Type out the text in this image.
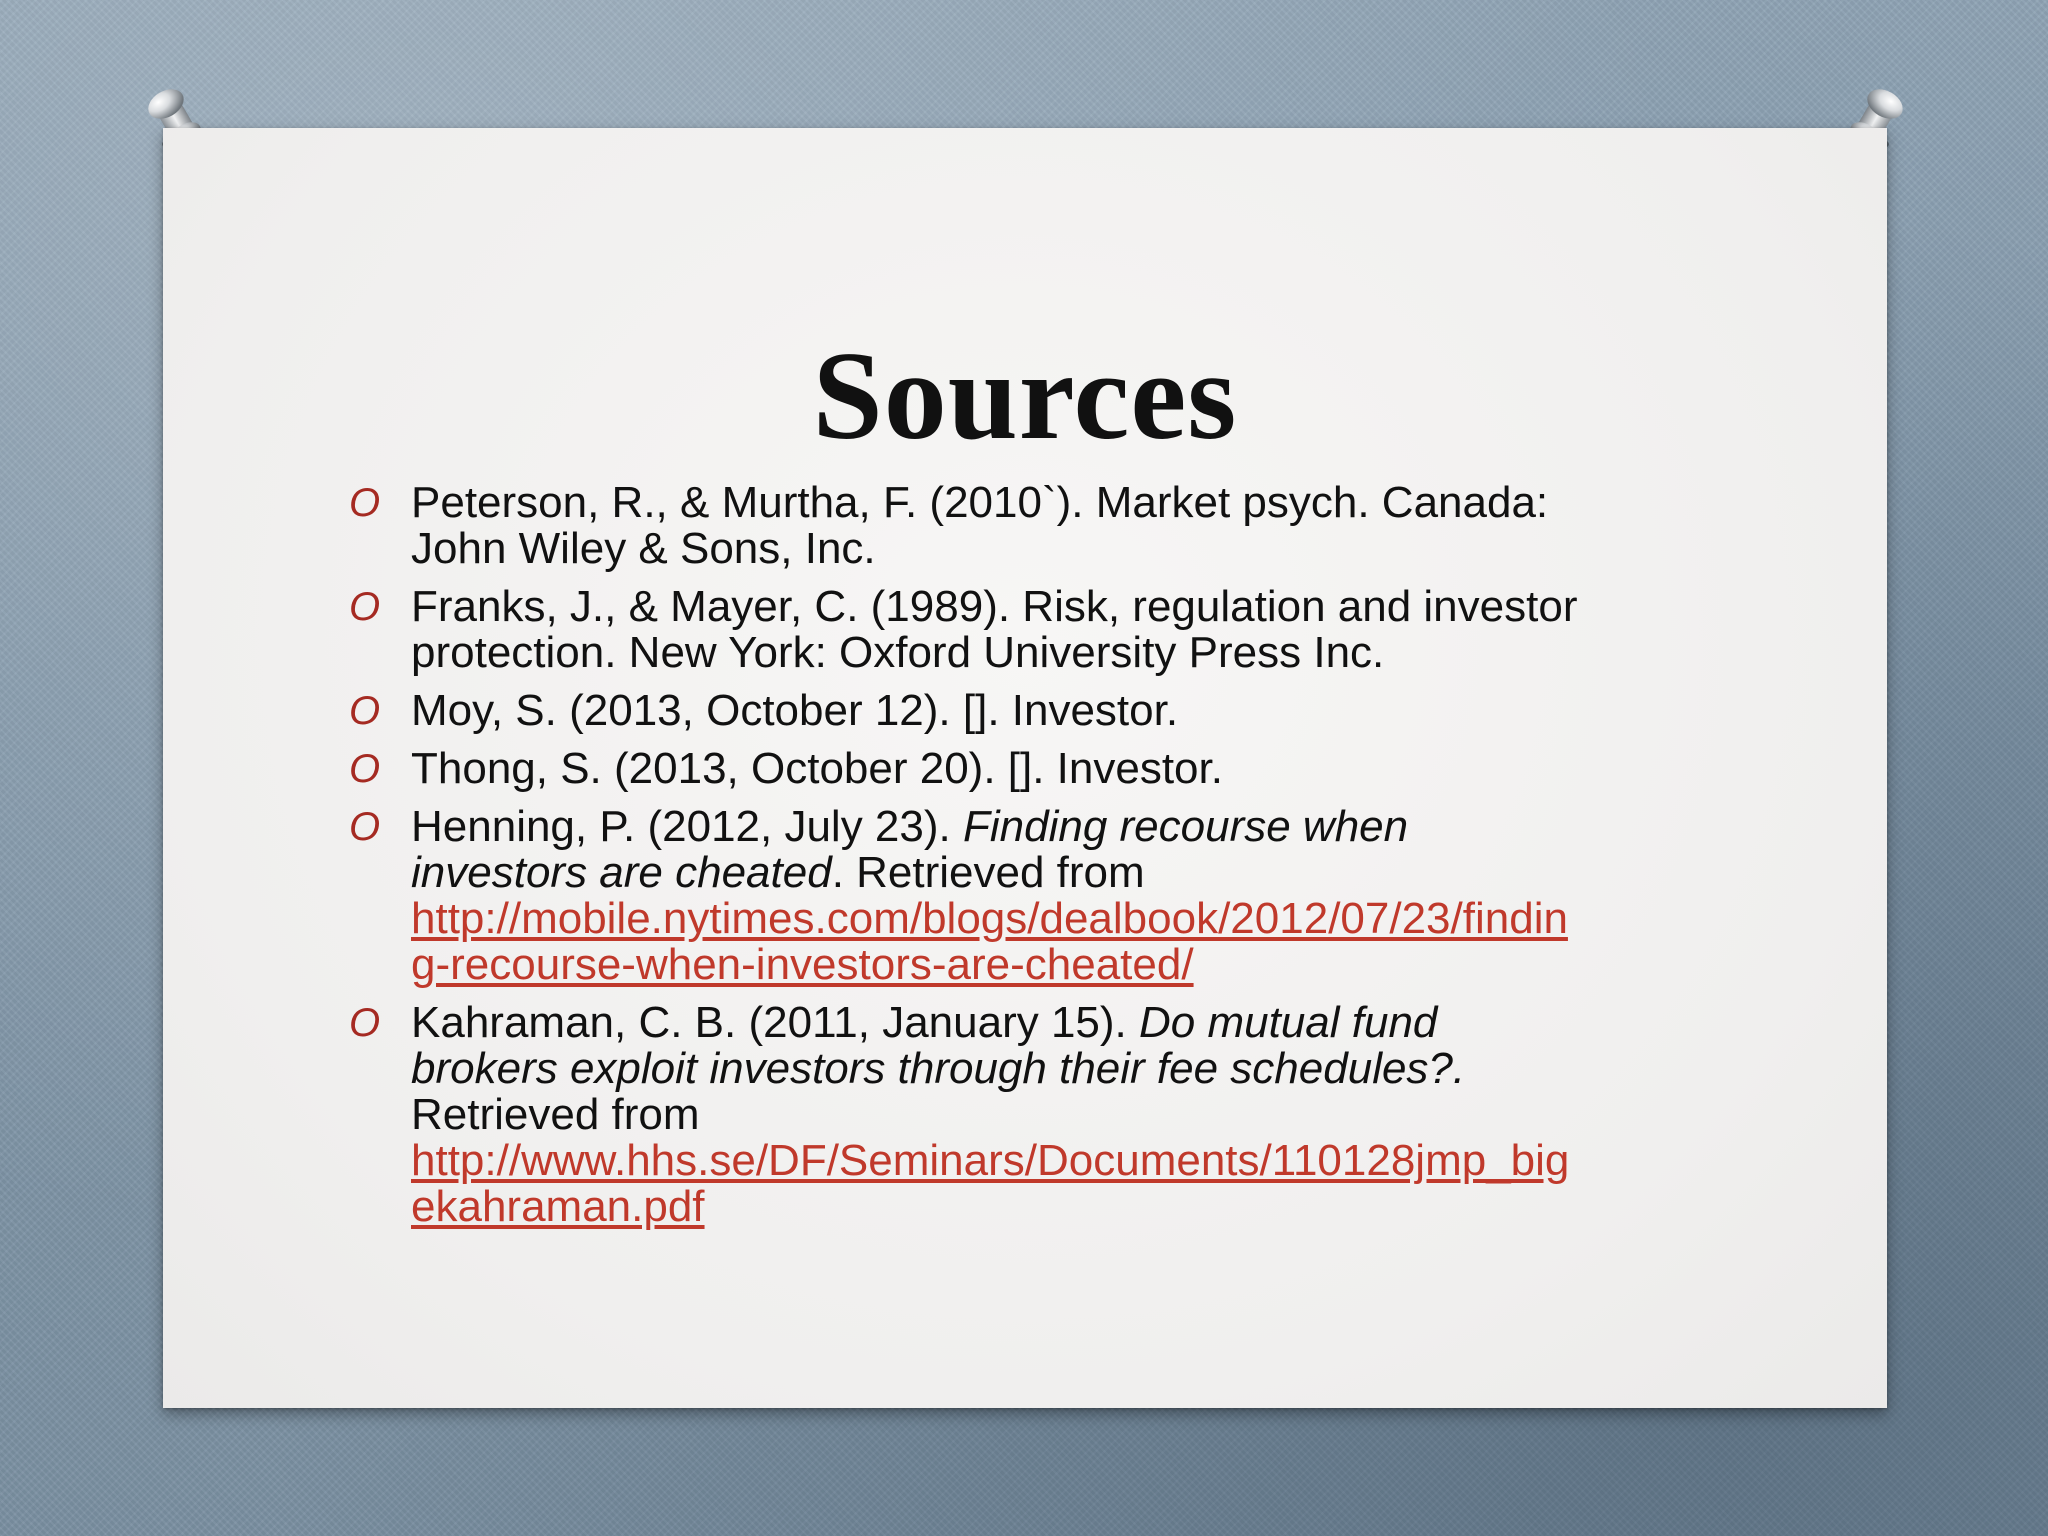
Sources
O Peterson, R., & Murtha, F. (2010`). Market psych. Canada:
John Wiley & Sons, Inc.
O Franks, J., & Mayer, C. (1989). Risk, regulation and investor
protection. New York: Oxford University Press Inc.
O Moy, S. (2013, October 12). []. Investor.
O Thong, S. (2013, October 20). []. Investor.
O Henning, P. (2012, July 23). Finding recourse when
investors are cheated. Retrieved from
http://mobile.nytimes.com/blogs/dealbook/2012/07/23/findin
g-recourse-when-investors-are-cheated/
O Kahraman, C. B. (2011, January 15). Do mutual fund
brokers exploit investors through their fee schedules?.
Retrieved from
http://www.hhs.se/DF/Seminars/Documents/110128jmp_big
ekahraman.pdf
